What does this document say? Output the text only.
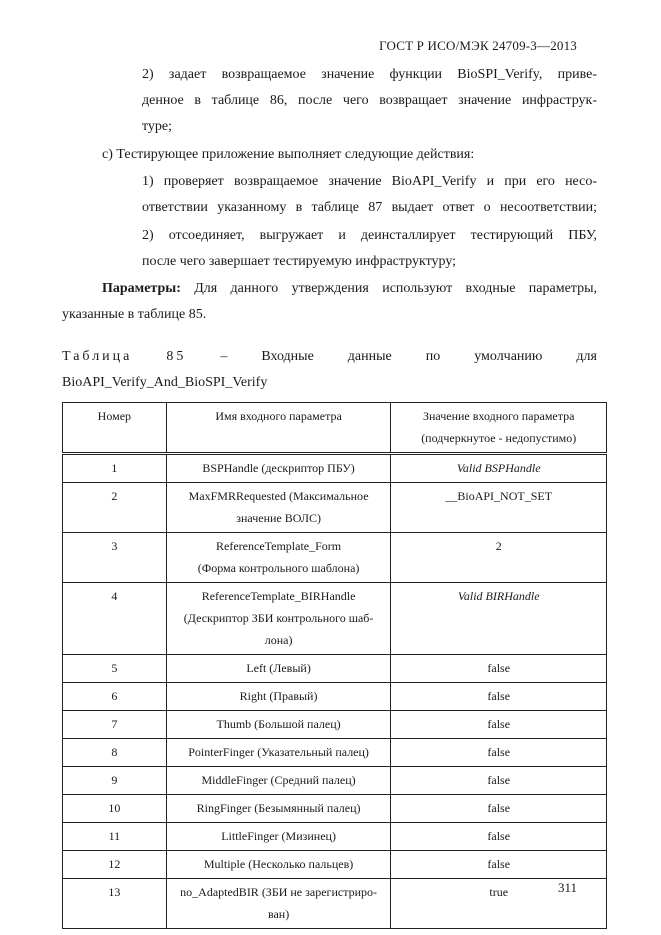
ГОСТ Р ИСО/МЭК 24709-3—2013
2) задает возвращаемое значение функции BioSPI_Verify, приве-
денное в таблице 86, после чего возвращает значение инфраструк-
туре;
c) Тестирующее приложение выполняет следующие действия:
1) проверяет возвращаемое значение BioAPI_Verify и при его несо-
ответствии указанному в таблице 87 выдает ответ о несоответствии;
2) отсоединяет, выгружает и деинсталлирует тестирующий ПБУ,
после чего завершает тестируемую инфраструктуру;
Параметры: Для данного утверждения используют входные параметры,
указанные в таблице 85.
Таблица 85 – Входные данные по умолчанию для
BioAPI_Verify_And_BioSPI_Verify
Номер	Имя входного параметра	Значение входного параметра
(подчеркнутое - недопустимо)

1	BSPHandle (дескриптор ПБУ)	Valid BSPHandle
2	MaxFMRRequested (Максимальное
значение ВОЛС)	__BioAPI_NOT_SET
3	ReferenceTemplate_Form
(Форма контрольного шаблона)	2
4	ReferenceTemplate_BIRHandle
(Дескриптор ЗБИ контрольного шаб-
лона)	Valid BIRHandle
5	Left (Левый)	false
6	Right (Правый)	false
7	Thumb (Большой палец)	false
8	PointerFinger (Указательный палец)	false
9	MiddleFinger (Средний палец)	false
10	RingFinger (Безымянный палец)	false
11	LittleFinger (Мизинец)	false
12	Multiple (Несколько пальцев)	false
13	no_AdaptedBIR (ЗБИ не зарегистриро-
ван)	true	311
